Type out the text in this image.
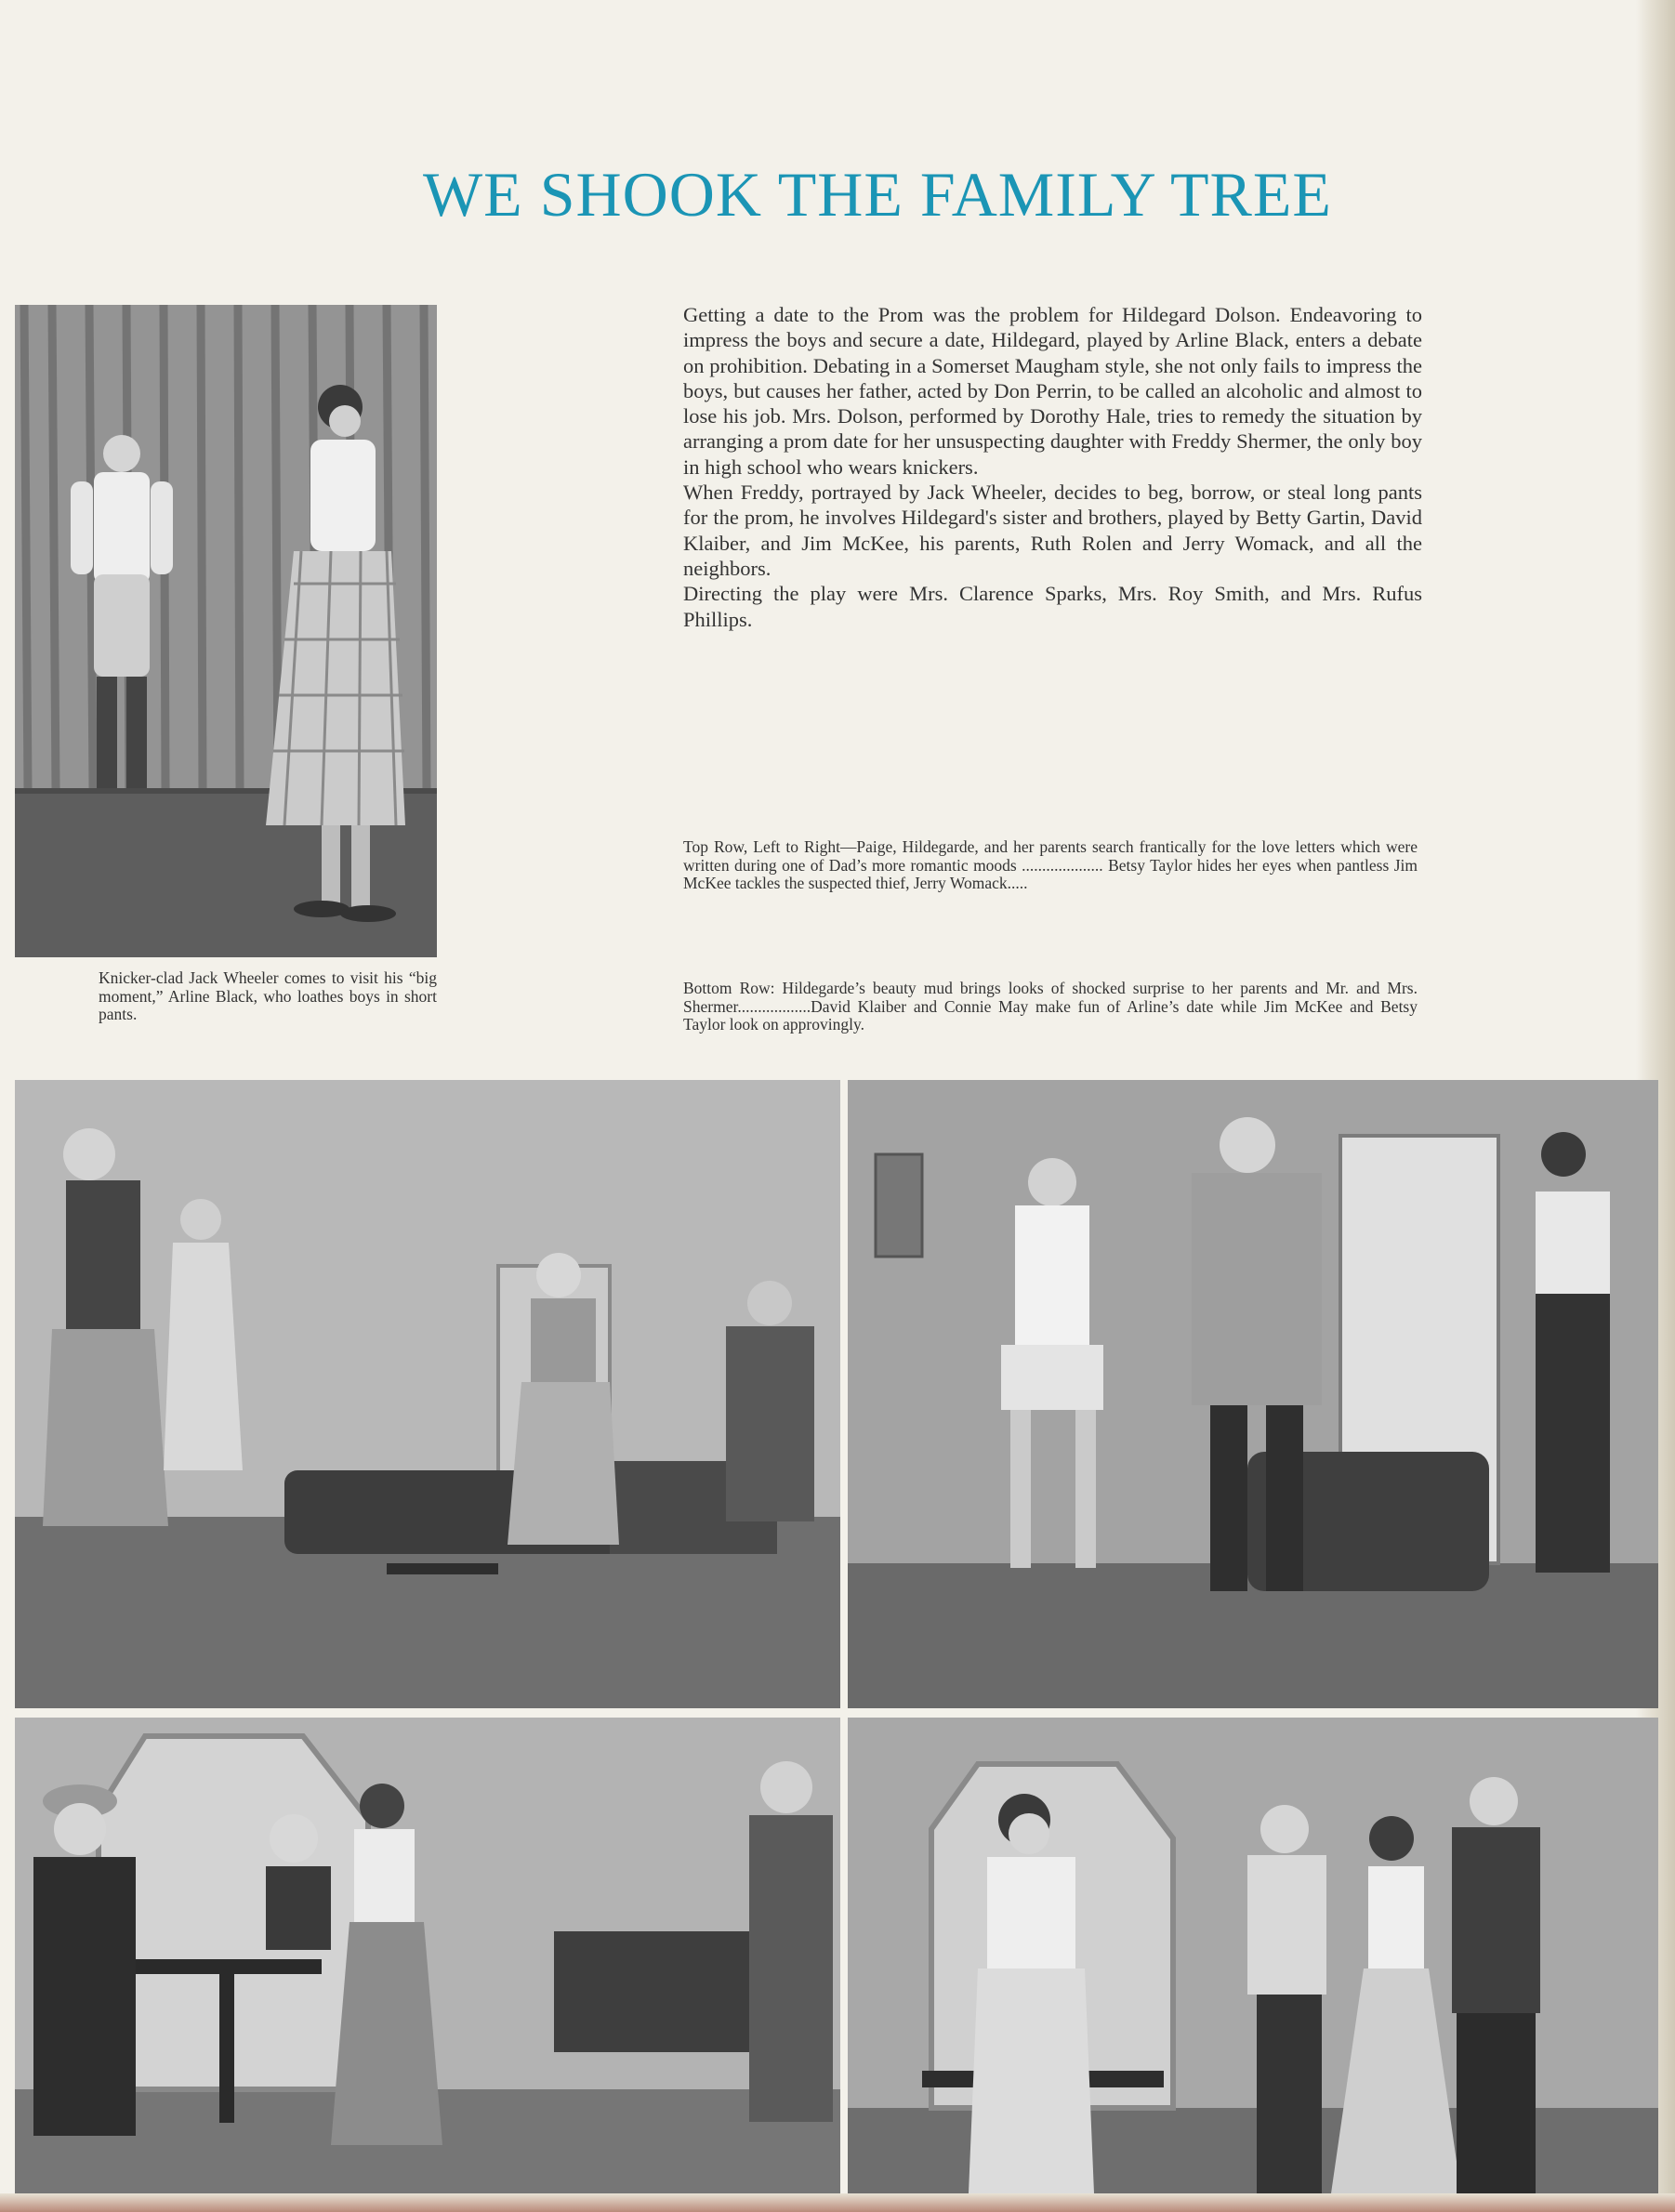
WE SHOOK THE FAMILY TREE

Knicker-clad Jack Wheeler comes to visit his “big moment,” Arline Black, who loathes boys in short pants.

Getting a date to the Prom was the problem for Hildegard Dolson. Endeavoring to impress the boys and secure a date, Hildegard, played by Arline Black, enters a debate on prohibition. Debating in a Somerset Maugham style, she not only fails to impress the boys, but causes her father, acted by Don Perrin, to be called an alcoholic and almost to lose his job. Mrs. Dolson, performed by Dorothy Hale, tries to remedy the situation by arranging a prom date for her unsuspecting daughter with Freddy Shermer, the only boy in high school who wears knickers.

When Freddy, portrayed by Jack Wheeler, decides to beg, borrow, or steal long pants for the prom, he involves Hildegard's sister and brothers, played by Betty Gartin, David Klaiber, and Jim McKee, his parents, Ruth Rolen and Jerry Womack, and all the neighbors.

Directing the play were Mrs. Clarence Sparks, Mrs. Roy Smith, and Mrs. Rufus Phillips.

Top Row, Left to Right—Paige, Hildegarde, and her parents search frantically for the love letters which were written during one of Dad’s more romantic moods .................... Betsy Taylor hides her eyes when pantless Jim McKee tackles the suspected thief, Jerry Womack.....

Bottom Row: Hildegarde’s beauty mud brings looks of shocked surprise to her parents and Mr. and Mrs. Shermer..................David Klaiber and Connie May make fun of Arline’s date while Jim McKee and Betsy Taylor look on approvingly.
